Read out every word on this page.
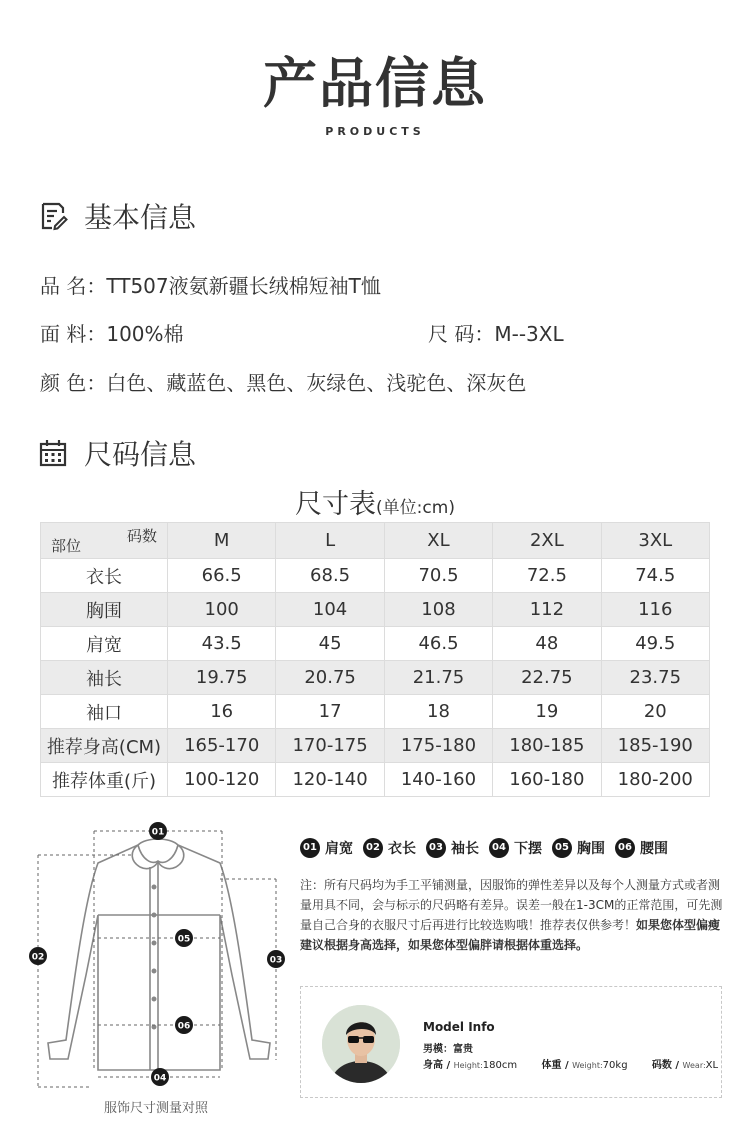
产品信息
PRODUCTS
基本信息
品 名：TT507液氨新疆长绒棉短袖T恤
面 料：100%棉	尺 码：M--3XL
颜 色：白色、藏蓝色、黑色、灰绿色、浅驼色、深灰色
尺码信息
尺寸表(单位:cm)
码数
部位	M	L	XL	2XL	3XL
衣长	66.5	68.5	70.5	72.5	74.5
胸围	100	104	108	112	116
肩宽	43.5	45	46.5	48	49.5
袖长	19.75	20.75	21.75	22.75	23.75
袖口	16	17	18	19	20
推荐身高(CM)	165-170	170-175	175-180	180-185	185-190
推荐体重(斤)	100-120	120-140	140-160	160-180	180-200
01
02	03
05
06
04
服饰尺寸测量对照
01 肩宽	02 衣长	03 袖长	04 下摆	05 胸围	06 腰围
注：所有尺码均为手工平铺测量，因服饰的弹性差异以及每个人测量方式或者测量用具不同，会与标示的尺码略有差异。误差一般在1-3CM的正常范围，可先测量自己合身的衣服尺寸后再进行比较选购哦！推荐表仅供参考！如果您体型偏瘦建议根据身高选择，如果您体型偏胖请根据体重选择。
Model Info
男模：富贵
身高 / Height:180cm 体重 / Weight:70kg 码数 / Wear:XL
